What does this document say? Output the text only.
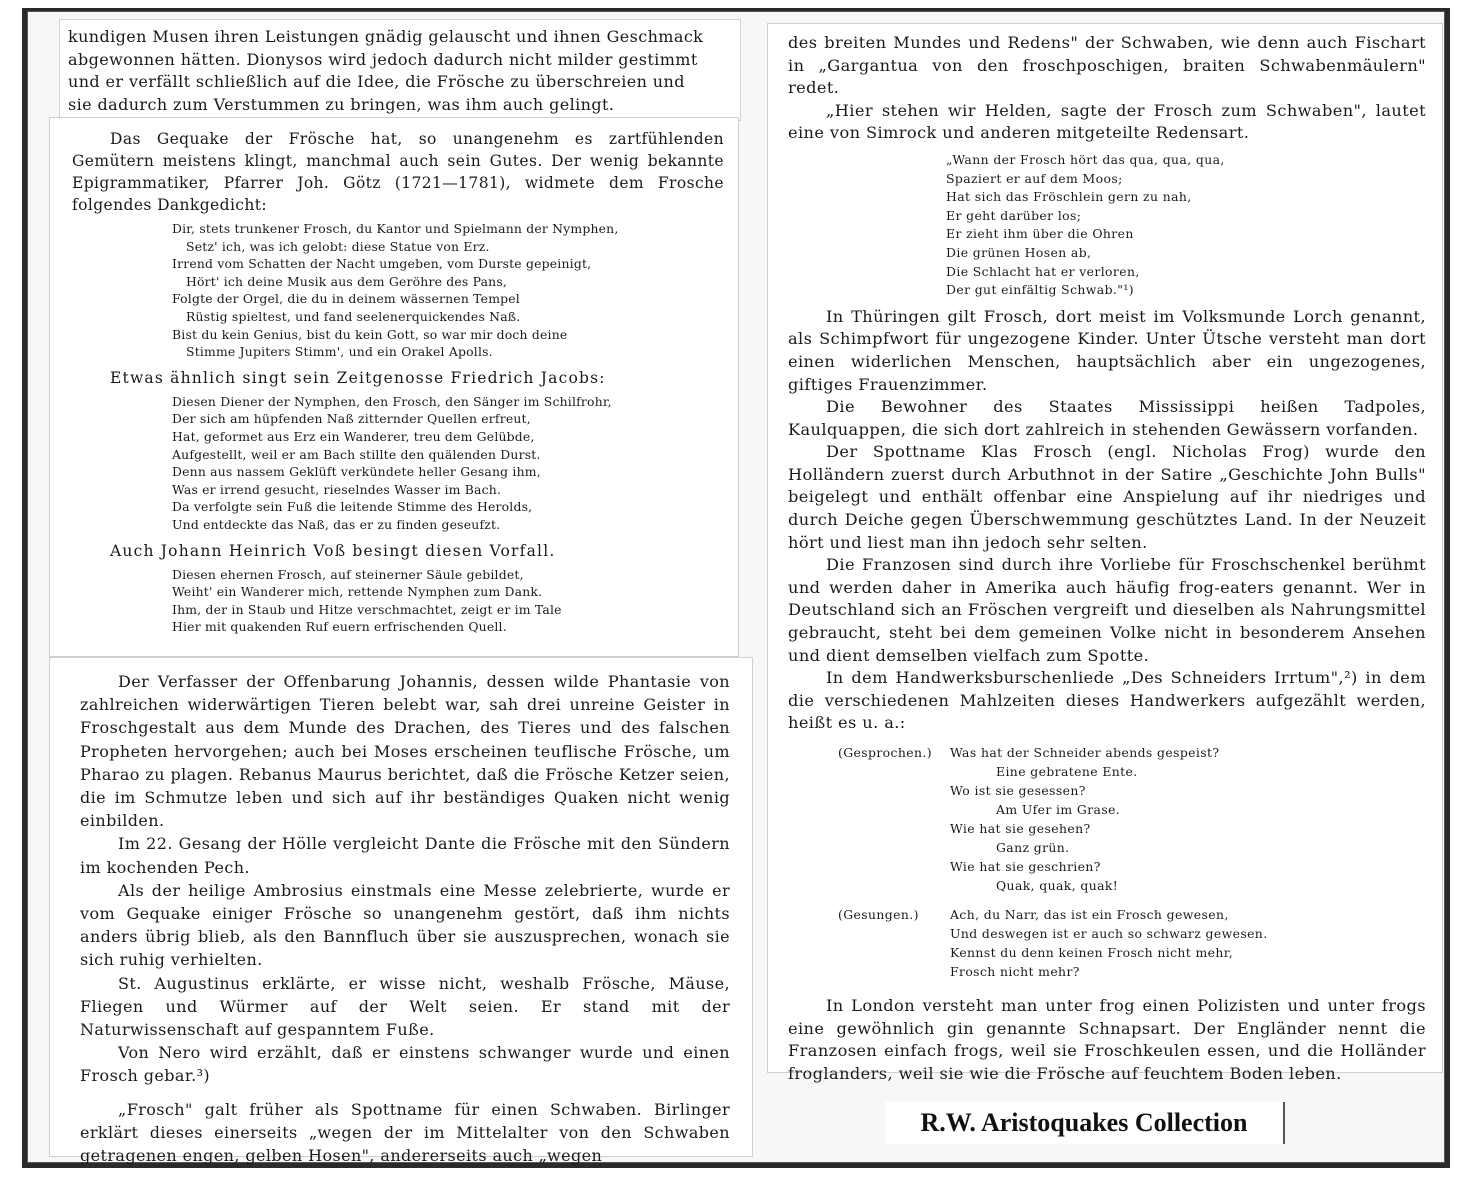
kundigen Musen ihren Leistungen gnädig gelauscht und ihnen Geschmack
abgewonnen hätten. Dionysos wird jedoch dadurch nicht milder gestimmt
und er verfällt schließlich auf die Idee, die Frösche zu überschreien und
sie dadurch zum Verstummen zu bringen, was ihm auch gelingt.

Das Gequake der Frösche hat, so unangenehm es zartfühlenden Gemütern meistens klingt, manchmal auch sein Gutes. Der wenig bekannte Epigrammatiker, Pfarrer Joh. Götz (1721—1781), widmete dem Frosche folgendes Dankgedicht:

Dir, stets trunkener Frosch, du Kantor und Spielmann der Nymphen,
Setz' ich, was ich gelobt: diese Statue von Erz.
Irrend vom Schatten der Nacht umgeben, vom Durste gepeinigt,
Hört' ich deine Musik aus dem Geröhre des Pans,
Folgte der Orgel, die du in deinem wässernen Tempel
Rüstig spieltest, und fand seelenerquickendes Naß.
Bist du kein Genius, bist du kein Gott, so war mir doch deine
Stimme Jupiters Stimm', und ein Orakel Apolls.

Etwas ähnlich singt sein Zeitgenosse Friedrich Jacobs:

Diesen Diener der Nymphen, den Frosch, den Sänger im Schilfrohr,
Der sich am hüpfenden Naß zitternder Quellen erfreut,
Hat, geformet aus Erz ein Wanderer, treu dem Gelübde,
Aufgestellt, weil er am Bach stillte den quälenden Durst.
Denn aus nassem Geklüft verkündete heller Gesang ihm,
Was er irrend gesucht, rieselndes Wasser im Bach.
Da verfolgte sein Fuß die leitende Stimme des Herolds,
Und entdeckte das Naß, das er zu finden geseufzt.

Auch Johann Heinrich Voß besingt diesen Vorfall.

Diesen ehernen Frosch, auf steinerner Säule gebildet,
Weiht' ein Wanderer mich, rettende Nymphen zum Dank.
Ihm, der in Staub und Hitze verschmachtet, zeigt er im Tale
Hier mit quakenden Ruf euern erfrischenden Quell.

Der Verfasser der Offenbarung Johannis, dessen wilde Phantasie von zahlreichen widerwärtigen Tieren belebt war, sah drei unreine Geister in Froschgestalt aus dem Munde des Drachen, des Tieres und des falschen Propheten hervorgehen; auch bei Moses erscheinen teuflische Frösche, um Pharao zu plagen. Rebanus Maurus berichtet, daß die Frösche Ketzer seien, die im Schmutze leben und sich auf ihr beständiges Quaken nicht wenig einbilden.

Im 22. Gesang der Hölle vergleicht Dante die Frösche mit den Sündern im kochenden Pech.

Als der heilige Ambrosius einstmals eine Messe zelebrierte, wurde er vom Gequake einiger Frösche so unangenehm gestört, daß ihm nichts anders übrig blieb, als den Bannfluch über sie auszusprechen, wonach sie sich ruhig verhielten.

St. Augustinus erklärte, er wisse nicht, weshalb Frösche, Mäuse, Fliegen und Würmer auf der Welt seien. Er stand mit der Naturwissenschaft auf gespanntem Fuße.

Von Nero wird erzählt, daß er einstens schwanger wurde und einen Frosch gebar.³)

„Frosch" galt früher als Spottname für einen Schwaben. Birlinger erklärt dieses einerseits „wegen der im Mittelalter von den Schwaben getragenen engen, gelben Hosen", andererseits auch „wegen

des breiten Mundes und Redens" der Schwaben, wie denn auch Fischart in „Gargantua von den froschposchigen, braiten Schwabenmäulern" redet.

„Hier stehen wir Helden, sagte der Frosch zum Schwaben", lautet eine von Simrock und anderen mitgeteilte Redensart.

„Wann der Frosch hört das qua, qua, qua,
Spaziert er auf dem Moos;
Hat sich das Fröschlein gern zu nah,
Er geht darüber los;
Er zieht ihm über die Ohren
Die grünen Hosen ab,
Die Schlacht hat er verloren,
Der gut einfältig Schwab."¹)

In Thüringen gilt Frosch, dort meist im Volksmunde Lorch genannt, als Schimpfwort für ungezogene Kinder. Unter Ütsche versteht man dort einen widerlichen Menschen, hauptsächlich aber ein ungezogenes, giftiges Frauenzimmer.

Die Bewohner des Staates Mississippi heißen Tadpoles, Kaulquappen, die sich dort zahlreich in stehenden Gewässern vorfanden.

Der Spottname Klas Frosch (engl. Nicholas Frog) wurde den Holländern zuerst durch Arbuthnot in der Satire „Geschichte John Bulls" beigelegt und enthält offenbar eine Anspielung auf ihr niedriges und durch Deiche gegen Überschwemmung geschütztes Land. In der Neuzeit hört und liest man ihn jedoch sehr selten.

Die Franzosen sind durch ihre Vorliebe für Froschschenkel berühmt und werden daher in Amerika auch häufig frog-eaters genannt. Wer in Deutschland sich an Fröschen vergreift und dieselben als Nahrungsmittel gebraucht, steht bei dem gemeinen Volke nicht in besonderem Ansehen und dient demselben vielfach zum Spotte.

In dem Handwerksburschenliede „Des Schneiders Irrtum",²) in dem die verschiedenen Mahlzeiten dieses Handwerkers aufgezählt werden, heißt es u. a.:

(Gesprochen.)	Was hat der Schneider abends gespeist?
Eine gebratene Ente.
Wo ist sie gesessen?
Am Ufer im Grase.
Wie hat sie gesehen?
Ganz grün.
Wie hat sie geschrien?
Quak, quak, quak!
(Gesungen.)	Ach, du Narr, das ist ein Frosch gewesen,
Und deswegen ist er auch so schwarz gewesen.
Kennst du denn keinen Frosch nicht mehr,
Frosch nicht mehr?

In London versteht man unter frog einen Polizisten und unter frogs eine gewöhnlich gin genannte Schnapsart. Der Engländer nennt die Franzosen einfach frogs, weil sie Froschkeulen essen, und die Holländer froglanders, weil sie wie die Frösche auf feuchtem Boden leben.

R.W. Aristoquakes Collection
